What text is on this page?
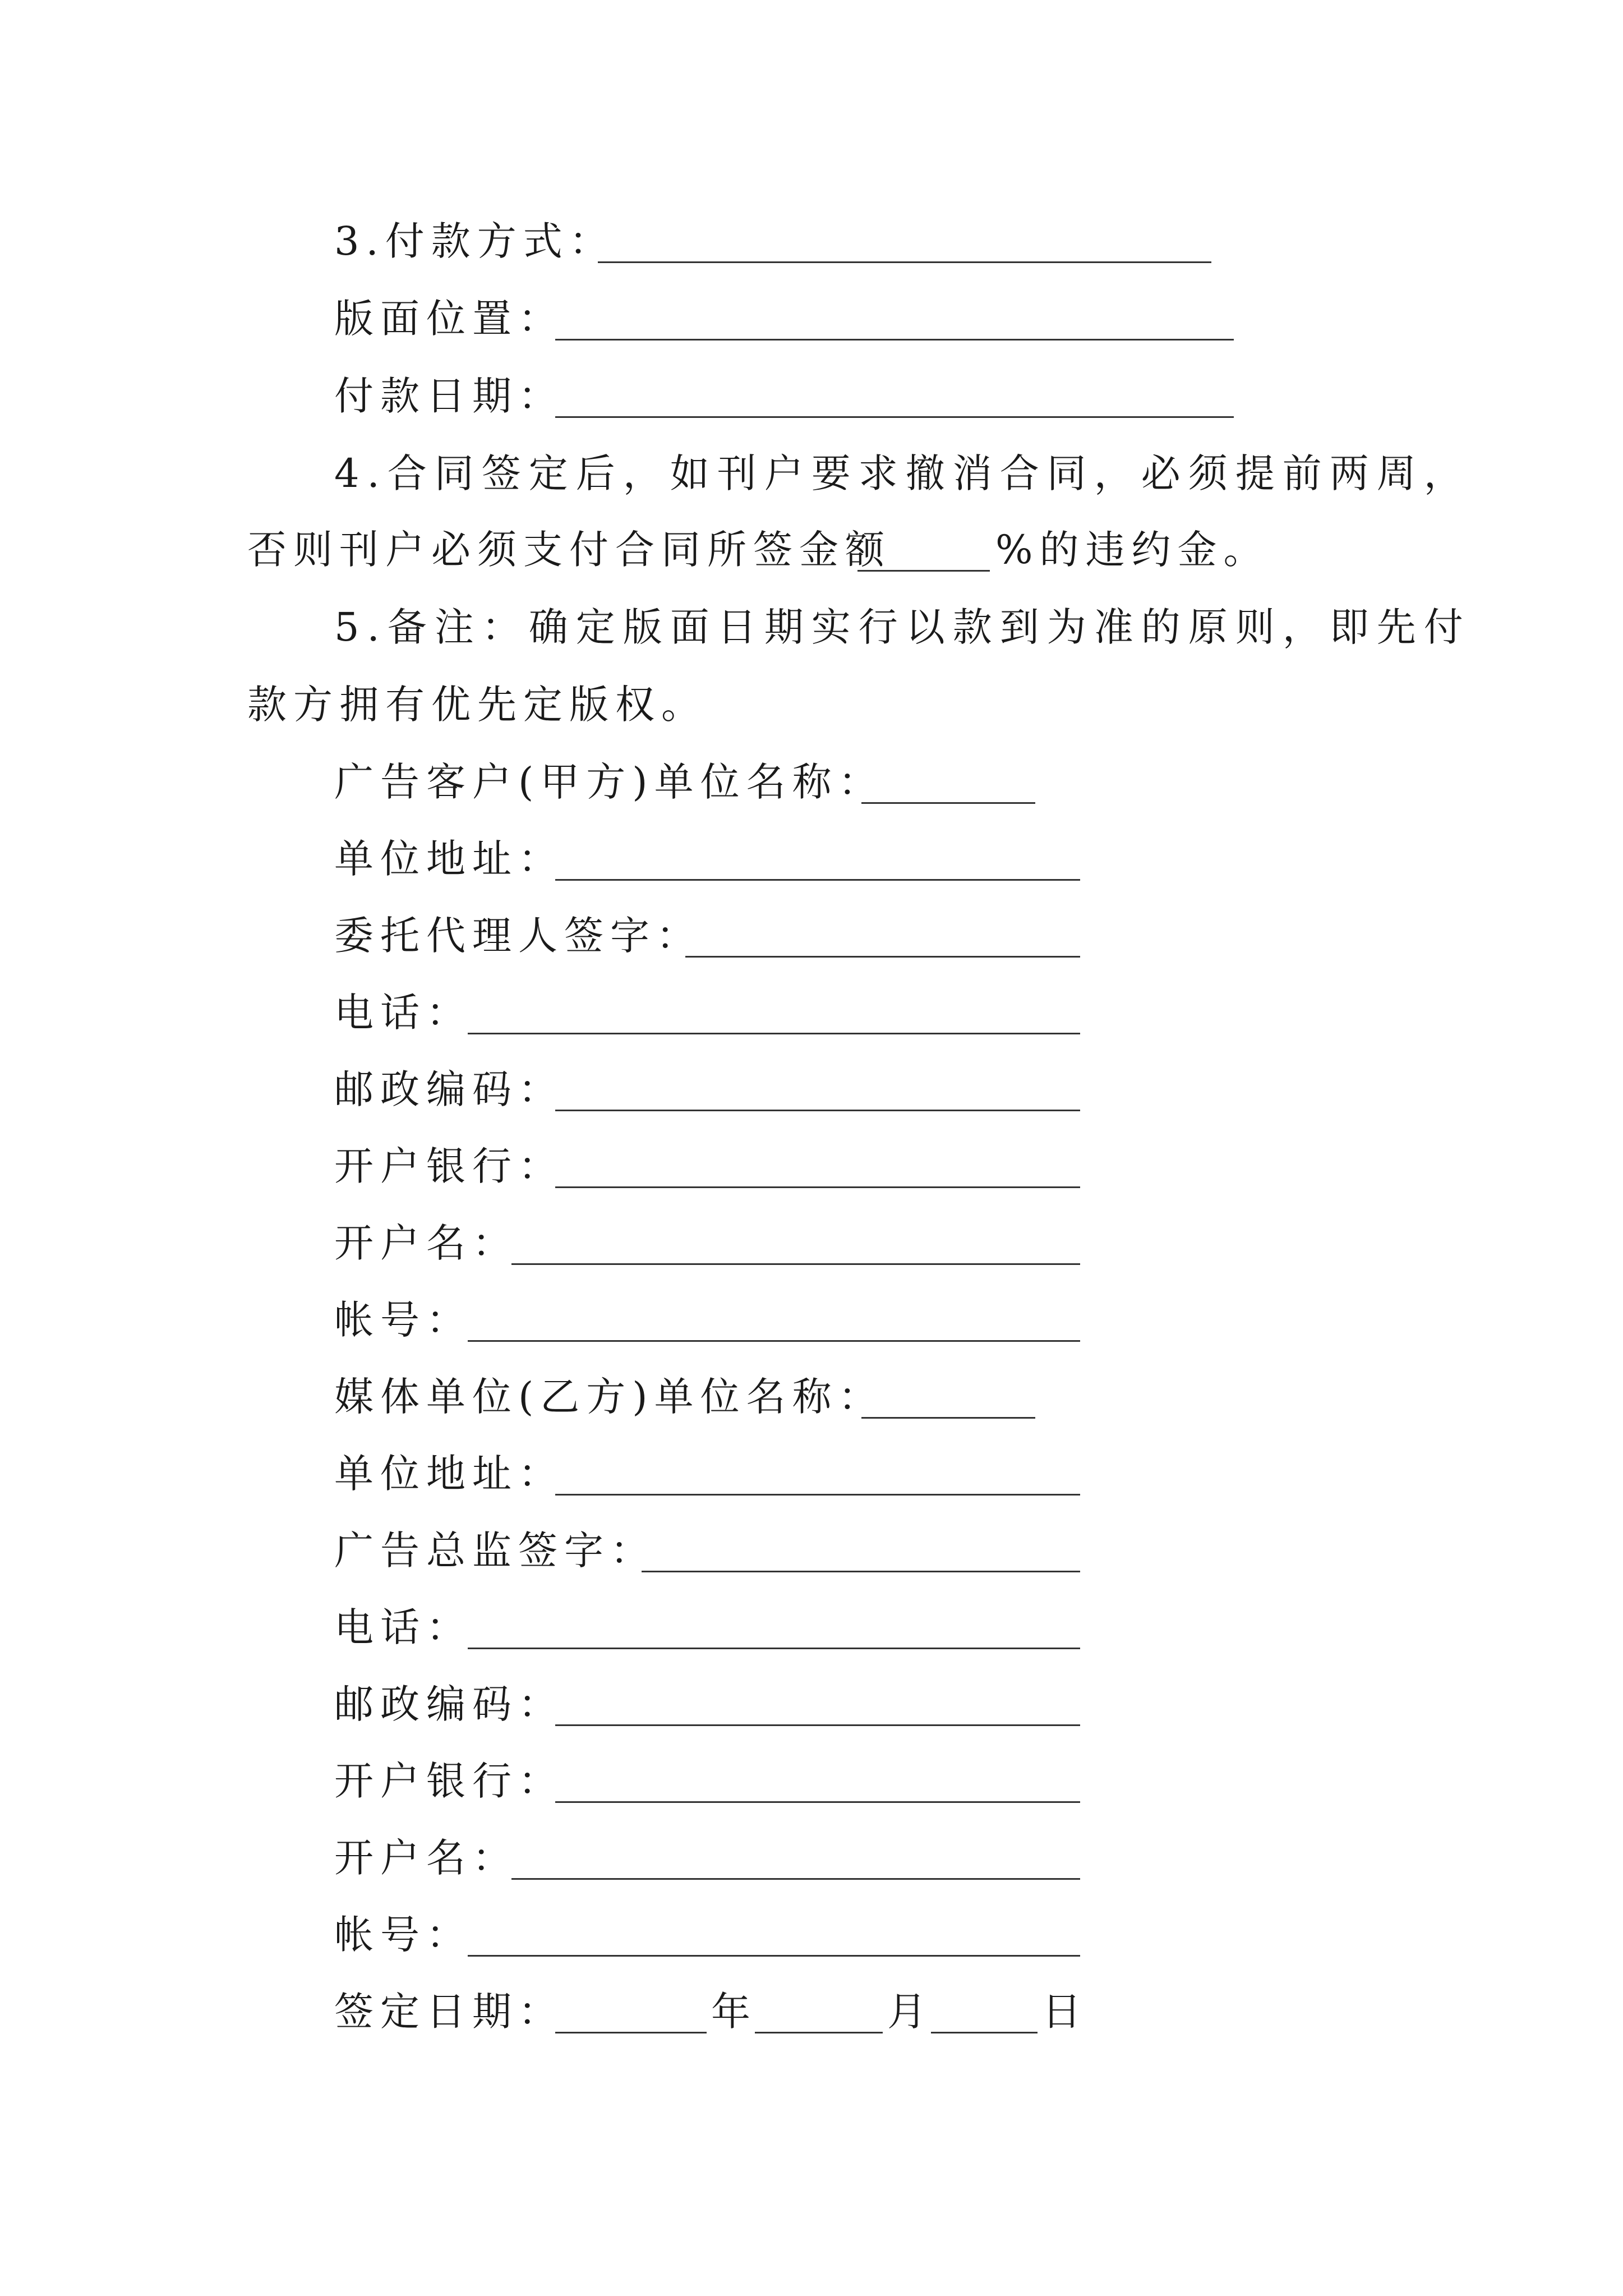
3.付款方式：
版面位置：
付款日期：
4.合同签定后，如刊户要求撤消合同，必须提前两周，
否则刊户必须支付合同所签金额	%的违约金。
5.备注：确定版面日期实行以款到为准的原则，即先付
款方拥有优先定版权。
广告客户(甲方)单位名称：
单位地址：
委托代理人签字：
电话：
邮政编码：
开户银行：
开户名：
帐号：
媒体单位(乙方)单位名称：
单位地址：
广告总监签字：
电话：
邮政编码：
开户银行：
开户名：
帐号：
签定日期：	年	月	日
